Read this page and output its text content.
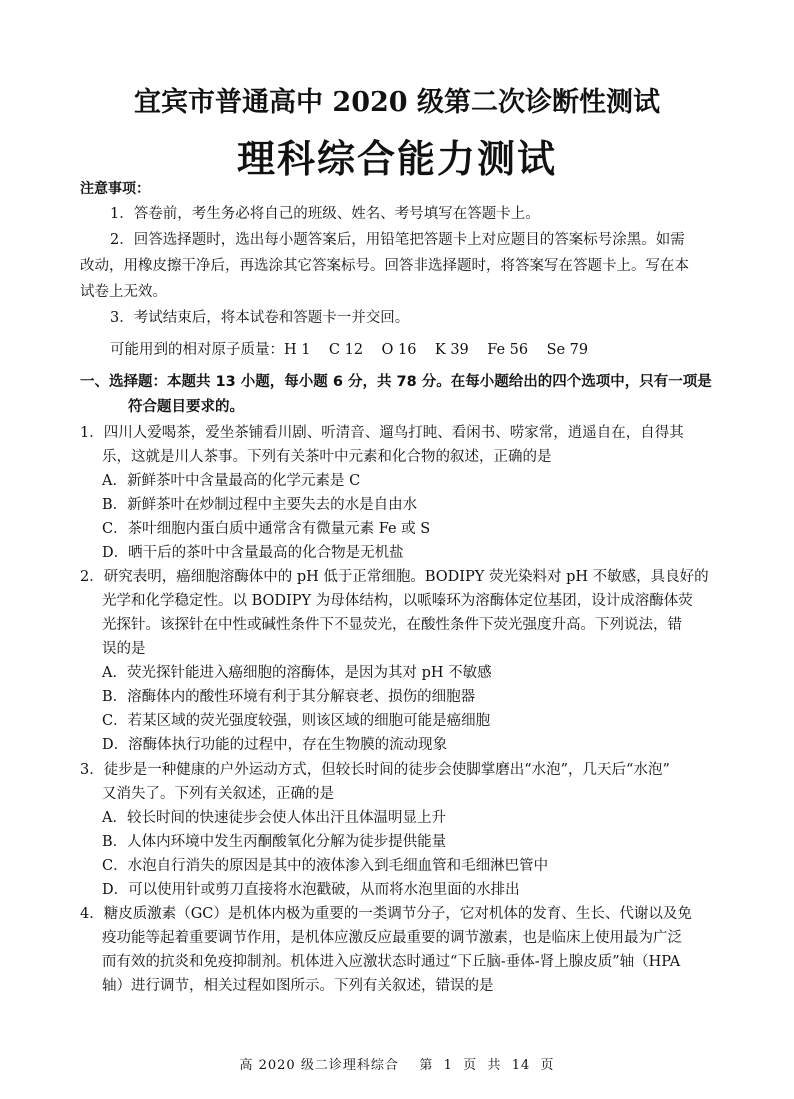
宜宾市普通高中 2020 级第二次诊断性测试
理科综合能力测试
注意事项：
1．答卷前，考生务必将自己的班级、姓名、考号填写在答题卡上。
2．回答选择题时，选出每小题答案后，用铅笔把答题卡上对应题目的答案标号涂黑。如需
改动，用橡皮擦干净后，再选涂其它答案标号。回答非选择题时，将答案写在答题卡上。写在本
试卷上无效。
3．考试结束后，将本试卷和答题卡一并交回。
可能用到的相对原子质量：H 1    C 12    O 16    K 39    Fe 56    Se 79
一、选择题：本题共 13 小题，每小题 6 分，共 78 分。在每小题给出的四个选项中，只有一项是
符合题目要求的。
1．四川人爱喝茶，爱坐茶铺看川剧、听清音、遛鸟打盹、看闲书、唠家常，逍遥自在，自得其
乐，这就是川人茶事。下列有关茶叶中元素和化合物的叙述，正确的是
A．新鲜茶叶中含量最高的化学元素是 C
B．新鲜茶叶在炒制过程中主要失去的水是自由水
C．茶叶细胞内蛋白质中通常含有微量元素 Fe 或 S
D．晒干后的茶叶中含量最高的化合物是无机盐
2．研究表明，癌细胞溶酶体中的 pH 低于正常细胞。BODIPY 荧光染料对 pH 不敏感，具良好的
光学和化学稳定性。以 BODIPY 为母体结构，以哌嗪环为溶酶体定位基团，设计成溶酶体荧
光探针。该探针在中性或碱性条件下不显荧光，在酸性条件下荧光强度升高。下列说法，错
误的是
A．荧光探针能进入癌细胞的溶酶体，是因为其对 pH 不敏感
B．溶酶体内的酸性环境有利于其分解衰老、损伤的细胞器
C．若某区域的荧光强度较强，则该区域的细胞可能是癌细胞
D．溶酶体执行功能的过程中，存在生物膜的流动现象
3．徒步是一种健康的户外运动方式，但较长时间的徒步会使脚掌磨出“水泡”，几天后“水泡”
又消失了。下列有关叙述，正确的是
A．较长时间的快速徒步会使人体出汗且体温明显上升
B．人体内环境中发生丙酮酸氧化分解为徒步提供能量
C．水泡自行消失的原因是其中的液体渗入到毛细血管和毛细淋巴管中
D．可以使用针或剪刀直接将水泡戳破，从而将水泡里面的水排出
4．糖皮质激素（GC）是机体内极为重要的一类调节分子，它对机体的发育、生长、代谢以及免
疫功能等起着重要调节作用，是机体应激反应最重要的调节激素，也是临床上使用最为广泛
而有效的抗炎和免疫抑制剂。机体进入应激状态时通过“下丘脑-垂体-肾上腺皮质”轴（HPA
轴）进行调节，相关过程如图所示。下列有关叙述，错误的是
高 2020 级二诊理科综合    第  1  页  共  14  页
